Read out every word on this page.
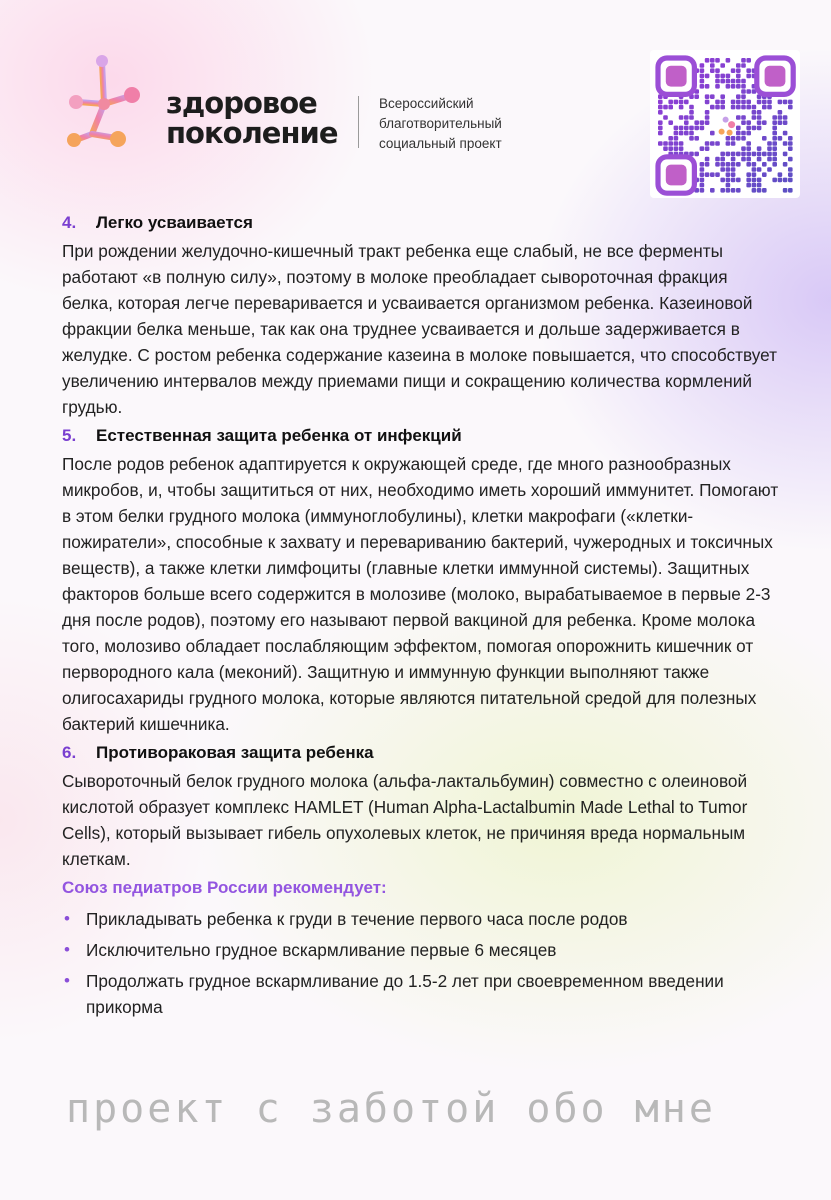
здоровое
поколение
Всероссийский
благотворительный
социальный проект
4.	Легко усваивается

При рождении желудочно-кишечный тракт ребенка еще слабый, не все ферменты работают «в полную силу», поэтому в молоке преобладает сывороточная фракция белка, которая легче переваривается и усваивается организмом ребенка. Казеиновой фракции белка меньше, так как она труднее усваивается и дольше задерживается в желудке. С ростом ребенка содержание казеина в молоке повышается, что способствует увеличению интервалов между приемами пищи и сокращению количества кормлений грудью.

5.	Естественная защита ребенка от инфекций

После родов ребенок адаптируется к окружающей среде, где много разнообразных микробов, и, чтобы защититься от них, необходимо иметь хороший иммунитет. Помогают в этом белки грудного молока (иммуноглобулины), клетки макрофаги («клетки-пожиратели», способные к захвату и перевариванию бактерий, чужеродных и токсичных веществ), а также клетки лимфоциты (главные клетки иммунной системы). Защитных факторов больше всего содержится в молозиве (молоко, вырабатываемое в первые 2-3 дня после родов), поэтому его называют первой вакциной для ребенка. Кроме молока того, молозиво обладает послабляющим эффектом, помогая опорожнить кишечник от первородного кала (меконий). Защитную и иммунную функции выполняют также олигосахариды грудного молока, которые являются питательной средой для полезных бактерий кишечника.

6.	Противораковая защита ребенка

Сывороточный белок грудного молока (альфа-лактальбумин) совместно с олеиновой кислотой образует комплекс HAMLET (Human Alpha-Lactalbumin Made Lethal to Tumor Cells), который вызывает гибель опухолевых клеток, не причиняя вреда нормальным клеткам.

Союз педиатров России рекомендует:
• Прикладывать ребенка к груди в течение первого часа после родов
• Исключительно грудное вскармливание первые 6 месяцев
• Продолжать грудное вскармливание до 1.5-2 лет при своевременном введении прикорма
проект с заботой обо мне
